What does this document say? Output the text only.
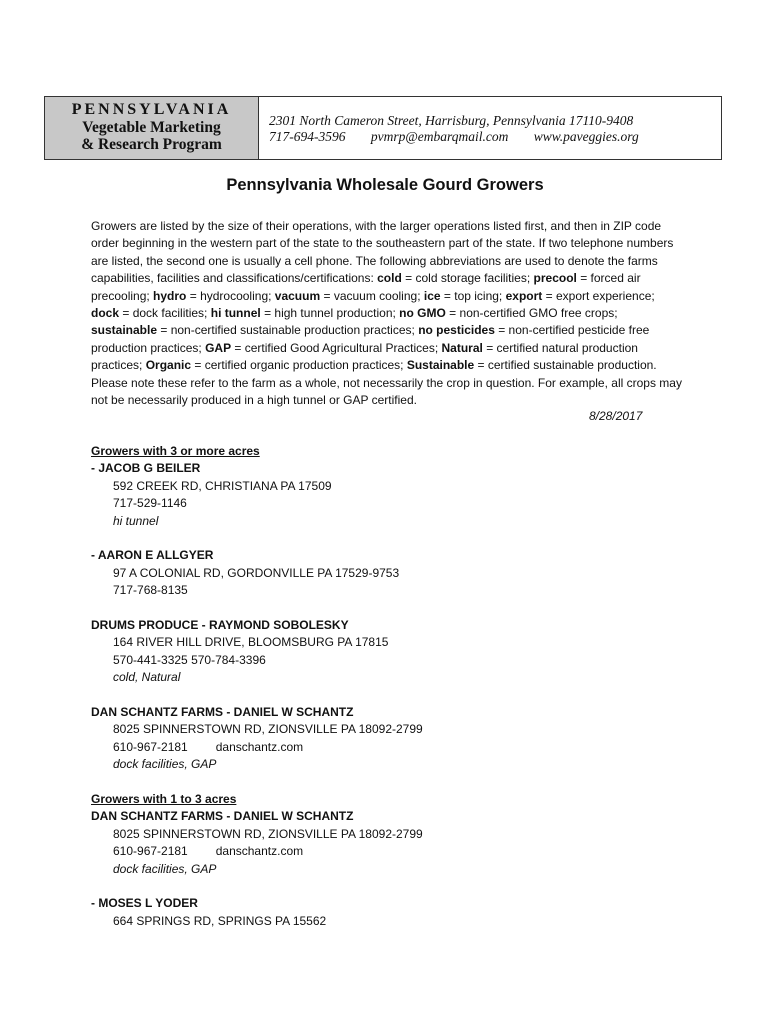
PENNSYLVANIA
Vegetable Marketing
& Research Program
2301 North Cameron Street, Harrisburg, Pennsylvania 17110-9408
717-694-3596 pvmrp@embarqmail.com www.paveggies.org
Pennsylvania Wholesale Gourd Growers
Growers are listed by the size of their operations, with the larger operations listed first, and then in ZIP code order beginning in the western part of the state to the southeastern part of the state. If two telephone numbers are listed, the second one is usually a cell phone. The following abbreviations are used to denote the farms capabilities, facilities and classifications/certifications: cold = cold storage facilities; precool = forced air precooling; hydro = hydrocooling; vacuum = vacuum cooling; ice = top icing; export = export experience; dock = dock facilities; hi tunnel = high tunnel production; no GMO = non-certified GMO free crops; sustainable = non-certified sustainable production practices; no pesticides = non-certified pesticide free production practices; GAP = certified Good Agricultural Practices; Natural = certified natural production practices; Organic = certified organic production practices; Sustainable = certified sustainable production. Please note these refer to the farm as a whole, not necessarily the crop in question. For example, all crops may not be necessarily produced in a high tunnel or GAP certified.
8/28/2017
Growers with 3 or more acres
- JACOB G BEILER
592 CREEK RD, CHRISTIANA PA 17509
717-529-1146
hi tunnel
- AARON E ALLGYER
97 A COLONIAL RD, GORDONVILLE PA 17529-9753
717-768-8135
DRUMS PRODUCE - RAYMOND SOBOLESKY
164 RIVER HILL DRIVE, BLOOMSBURG PA 17815
570-441-3325 570-784-3396
cold, Natural
DAN SCHANTZ FARMS - DANIEL W SCHANTZ
8025 SPINNERSTOWN RD, ZIONSVILLE PA 18092-2799
610-967-2181 danschantz.com
dock facilities, GAP
Growers with 1 to 3 acres
DAN SCHANTZ FARMS - DANIEL W SCHANTZ
8025 SPINNERSTOWN RD, ZIONSVILLE PA 18092-2799
610-967-2181 danschantz.com
dock facilities, GAP
- MOSES L YODER
664 SPRINGS RD, SPRINGS PA 15562
